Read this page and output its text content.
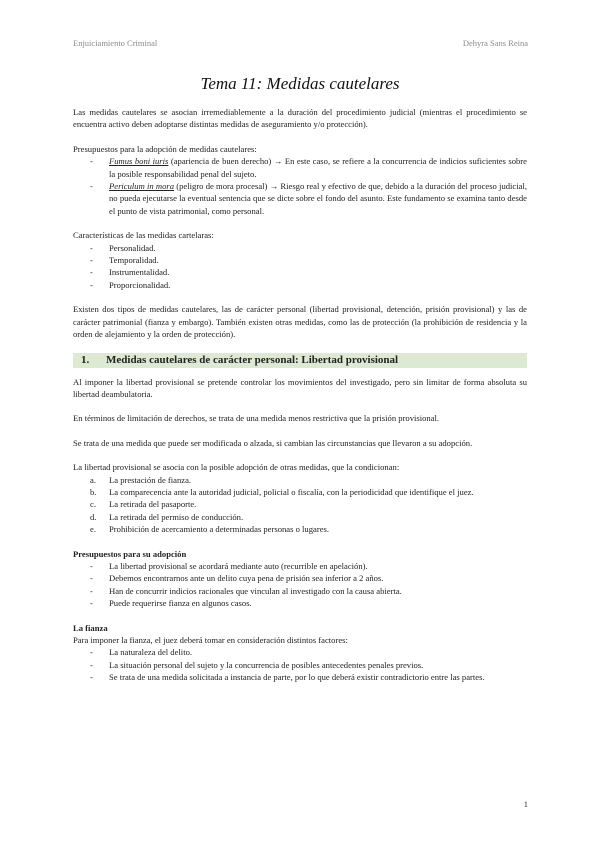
Enjuiciamiento Criminal	Dehyra Sans Reina
Tema 11: Medidas cautelares

Las medidas cautelares se asocian irremediablemente a la duración del procedimiento judicial (mientras el procedimiento se encuentra activo deben adoptarse distintas medidas de aseguramiento y/o protección).

Presupuestos para la adopción de medidas cautelares:

- Fumus boni iuris (apariencia de buen derecho) → En este caso, se refiere a la concurrencia de indicios suficientes sobre la posible responsabilidad penal del sujeto.
- Periculum in mora (peligro de mora procesal) → Riesgo real y efectivo de que, debido a la duración del proceso judicial, no pueda ejecutarse la eventual sentencia que se dicte sobre el fondo del asunto. Este fundamento se examina tanto desde el punto de vista patrimonial, como personal.

Características de las medidas cartelaras:

- Personalidad.
- Temporalidad.
- Instrumentalidad.
- Proporcionalidad.

Existen dos tipos de medidas cautelares, las de carácter personal (libertad provisional, detención, prisión provisional) y las de carácter patrimonial (fianza y embargo). También existen otras medidas, como las de protección (la prohibición de residencia y la orden de alejamiento y la orden de protección).

1. Medidas cautelares de carácter personal: Libertad provisional

Al imponer la libertad provisional se pretende controlar los movimientos del investigado, pero sin limitar de forma absoluta su libertad deambulatoria.

En términos de limitación de derechos, se trata de una medida menos restrictiva que la prisión provisional.

Se trata de una medida que puede ser modificada o alzada, si cambian las circunstancias que llevaron a su adopción.

La libertad provisional se asocia con la posible adopción de otras medidas, que la condicionan:

a. La prestación de fianza.
b. La comparecencia ante la autoridad judicial, policial o fiscalía, con la periodicidad que identifique el juez.
c. La retirada del pasaporte.
d. La retirada del permiso de conducción.
e. Prohibición de acercamiento a determinadas personas o lugares.

Presupuestos para su adopción

- La libertad provisional se acordará mediante auto (recurrible en apelación).
- Debemos encontrarnos ante un delito cuya pena de prisión sea inferior a 2 años.
- Han de concurrir indicios racionales que vinculan al investigado con la causa abierta.
- Puede requerirse fianza en algunos casos.

La fianza

Para imponer la fianza, el juez deberá tomar en consideración distintos factores:

- La naturaleza del delito.
- La situación personal del sujeto y la concurrencia de posibles antecedentes penales previos.
- Se trata de una medida solicitada a instancia de parte, por lo que deberá existir contradictorio entre las partes.
1
